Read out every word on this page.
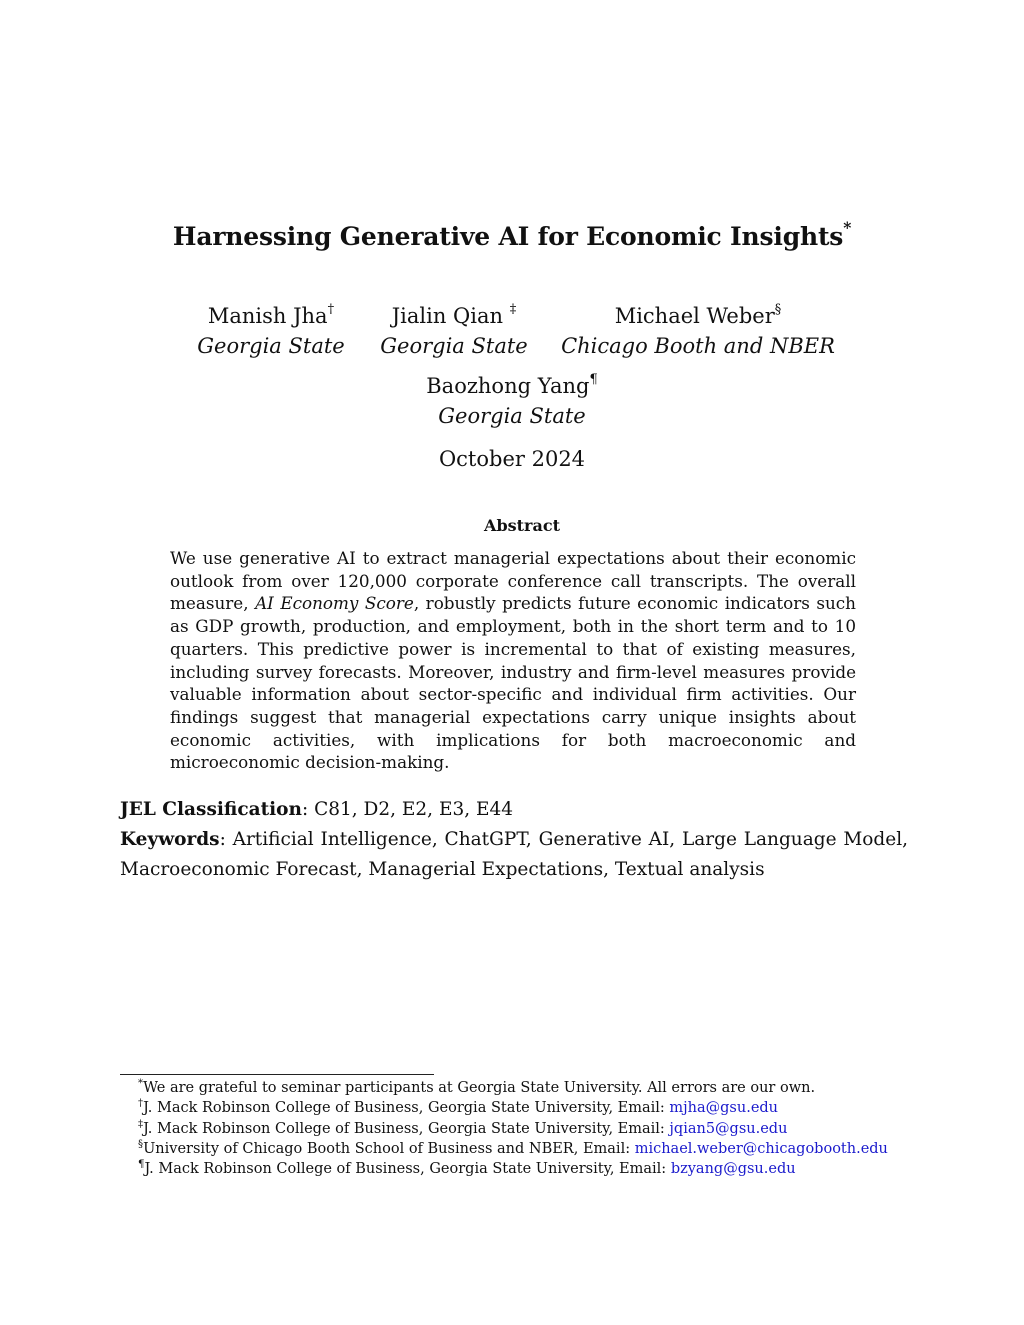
Harnessing Generative AI for Economic Insights*
Manish Jha†
Georgia State
Jialin Qian ‡
Georgia State
Michael Weber§
Chicago Booth and NBER
Baozhong Yang¶
Georgia State
October 2024
Abstract
We use generative AI to extract managerial expectations about their economic outlook from over 120,000 corporate conference call transcripts. The overall measure, AI Economy Score, robustly predicts future economic indicators such as GDP growth, production, and employment, both in the short term and to 10 quarters. This predictive power is incremental to that of existing measures, including survey forecasts. Moreover, industry and firm-level measures provide valuable information about sector-specific and individual firm activities. Our findings suggest that managerial expectations carry unique insights about economic activities, with implications for both macroeconomic and microeconomic decision-making.

JEL Classification: C81, D2, E2, E3, E44

Keywords: Artificial Intelligence, ChatGPT, Generative AI, Large Language Model, Macroeconomic Forecast, Managerial Expectations, Textual analysis

*We are grateful to seminar participants at Georgia State University. All errors are our own.
†J. Mack Robinson College of Business, Georgia State University, Email: mjha@gsu.edu
‡J. Mack Robinson College of Business, Georgia State University, Email: jqian5@gsu.edu
§University of Chicago Booth School of Business and NBER, Email: michael.weber@chicagobooth.edu
¶J. Mack Robinson College of Business, Georgia State University, Email: bzyang@gsu.edu
